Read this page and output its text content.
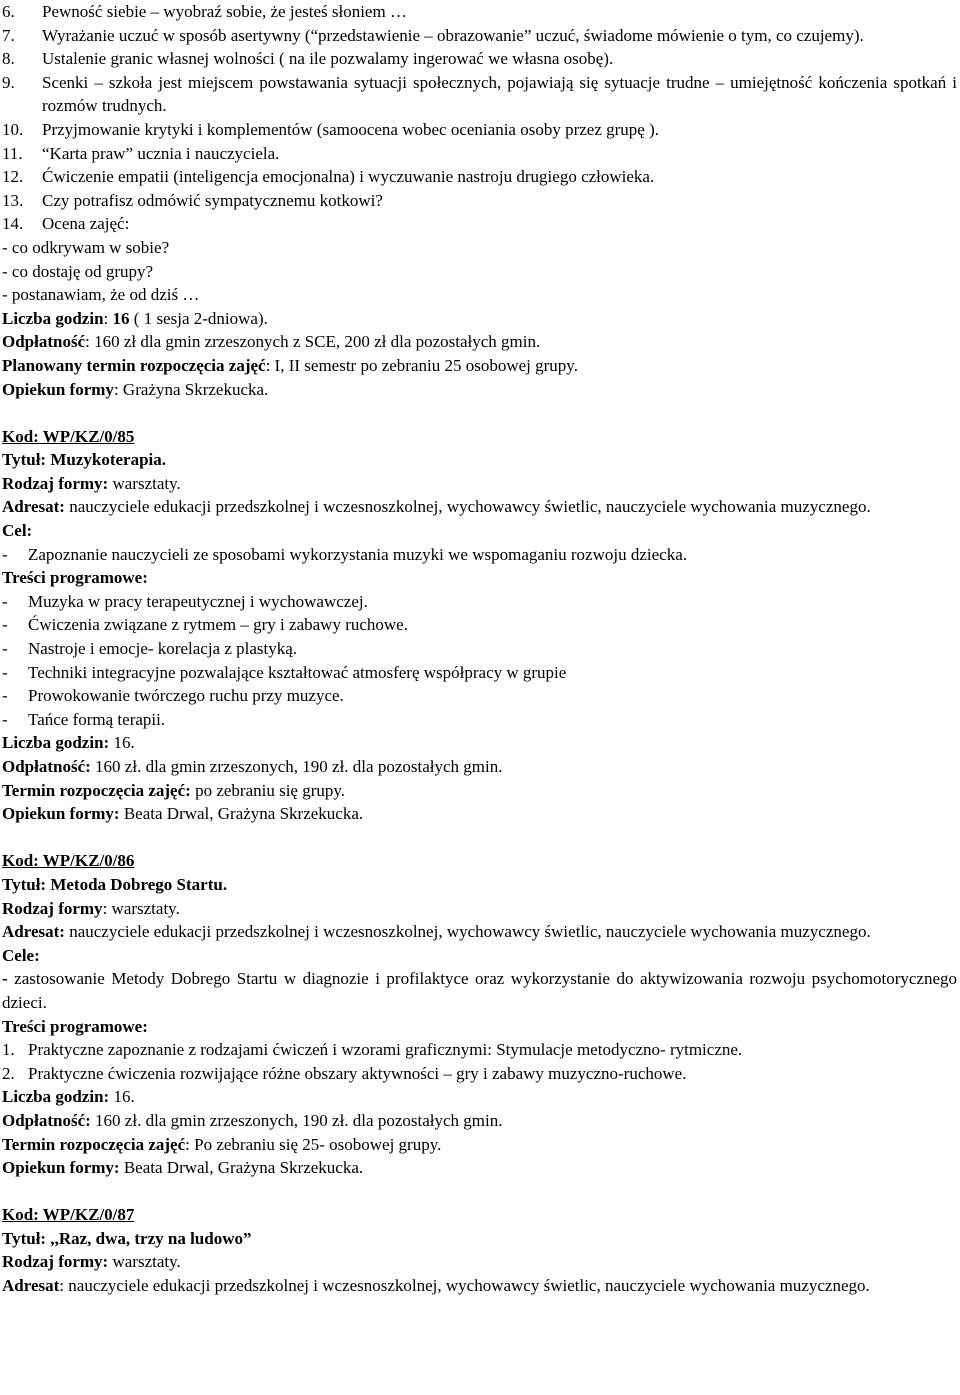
6.	Pewność siebie – wyobraź sobie, że jesteś słoniem …
7.	Wyrażanie uczuć w sposób asertywny (“przedstawienie – obrazowanie” uczuć, świadome mówienie o tym, co czujemy).
8.	Ustalenie granic własnej wolności ( na ile pozwalamy ingerować we własna osobę).
9.	Scenki – szkoła jest miejscem powstawania sytuacji społecznych, pojawiają się sytuacje trudne – umiejętność kończenia spotkań i rozmów trudnych.
10.	Przyjmowanie krytyki i komplementów (samoocena wobec oceniania osoby przez grupę ).
11.	“Karta praw” ucznia i nauczyciela.
12.	Ćwiczenie empatii (inteligencja emocjonalna) i wyczuwanie nastroju drugiego człowieka.
13.	Czy potrafisz odmówić sympatycznemu kotkowi?
14.	Ocena zajęć:
- co odkrywam w sobie?
- co dostaję od grupy?
- postanawiam, że od dziś …
Liczba godzin: 16 ( 1 sesja 2-dniowa).
Odpłatność: 160 zł dla gmin zrzeszonych z SCE, 200 zł dla pozostałych gmin.
Planowany termin rozpoczęcia zajęć: I, II semestr po zebraniu 25 osobowej grupy.
Opiekun formy: Grażyna Skrzekucka.
Kod: WP/KZ/0/85
Tytuł: Muzykoterapia.
Rodzaj formy: warsztaty.
Adresat: nauczyciele edukacji przedszkolnej i wczesnoszkolnej, wychowawcy świetlic, nauczyciele wychowania muzycznego.
Cel:
-	Zapoznanie nauczycieli ze sposobami wykorzystania muzyki we wspomaganiu rozwoju dziecka.
Treści programowe:
-	Muzyka w pracy terapeutycznej i wychowawczej.
-	Ćwiczenia związane z rytmem – gry i zabawy ruchowe.
-	Nastroje i emocje- korelacja z plastyką.
-	Techniki integracyjne pozwalające kształtować atmosferę współpracy w grupie
-	Prowokowanie twórczego ruchu przy muzyce.
-	Tańce formą terapii.
Liczba godzin: 16.
Odpłatność: 160 zł. dla gmin zrzeszonych, 190 zł. dla pozostałych gmin.
Termin rozpoczęcia zajęć: po zebraniu się grupy.
Opiekun formy: Beata Drwal, Grażyna Skrzekucka.
Kod: WP/KZ/0/86
Tytuł: Metoda Dobrego Startu.
Rodzaj formy: warsztaty.
Adresat: nauczyciele edukacji przedszkolnej i wczesnoszkolnej, wychowawcy świetlic, nauczyciele wychowania muzycznego.
Cele:
- zastosowanie Metody Dobrego Startu w diagnozie i profilaktyce oraz wykorzystanie do aktywizowania rozwoju psychomotorycznego dzieci.
Treści programowe:
1. Praktyczne zapoznanie z rodzajami ćwiczeń i wzorami graficznymi: Stymulacje metodyczno- rytmiczne.
2. Praktyczne ćwiczenia rozwijające różne obszary aktywności – gry i zabawy muzyczno-ruchowe.
Liczba godzin: 16.
Odpłatność: 160 zł. dla gmin zrzeszonych, 190 zł. dla pozostałych gmin.
Termin rozpoczęcia zajęć: Po zebraniu się 25- osobowej grupy.
Opiekun formy: Beata Drwal, Grażyna Skrzekucka.
Kod: WP/KZ/0/87
Tytuł: ,,Raz, dwa, trzy na ludowo”
Rodzaj formy: warsztaty.
Adresat: nauczyciele edukacji przedszkolnej i wczesnoszkolnej, wychowawcy świetlic, nauczyciele wychowania muzycznego.
